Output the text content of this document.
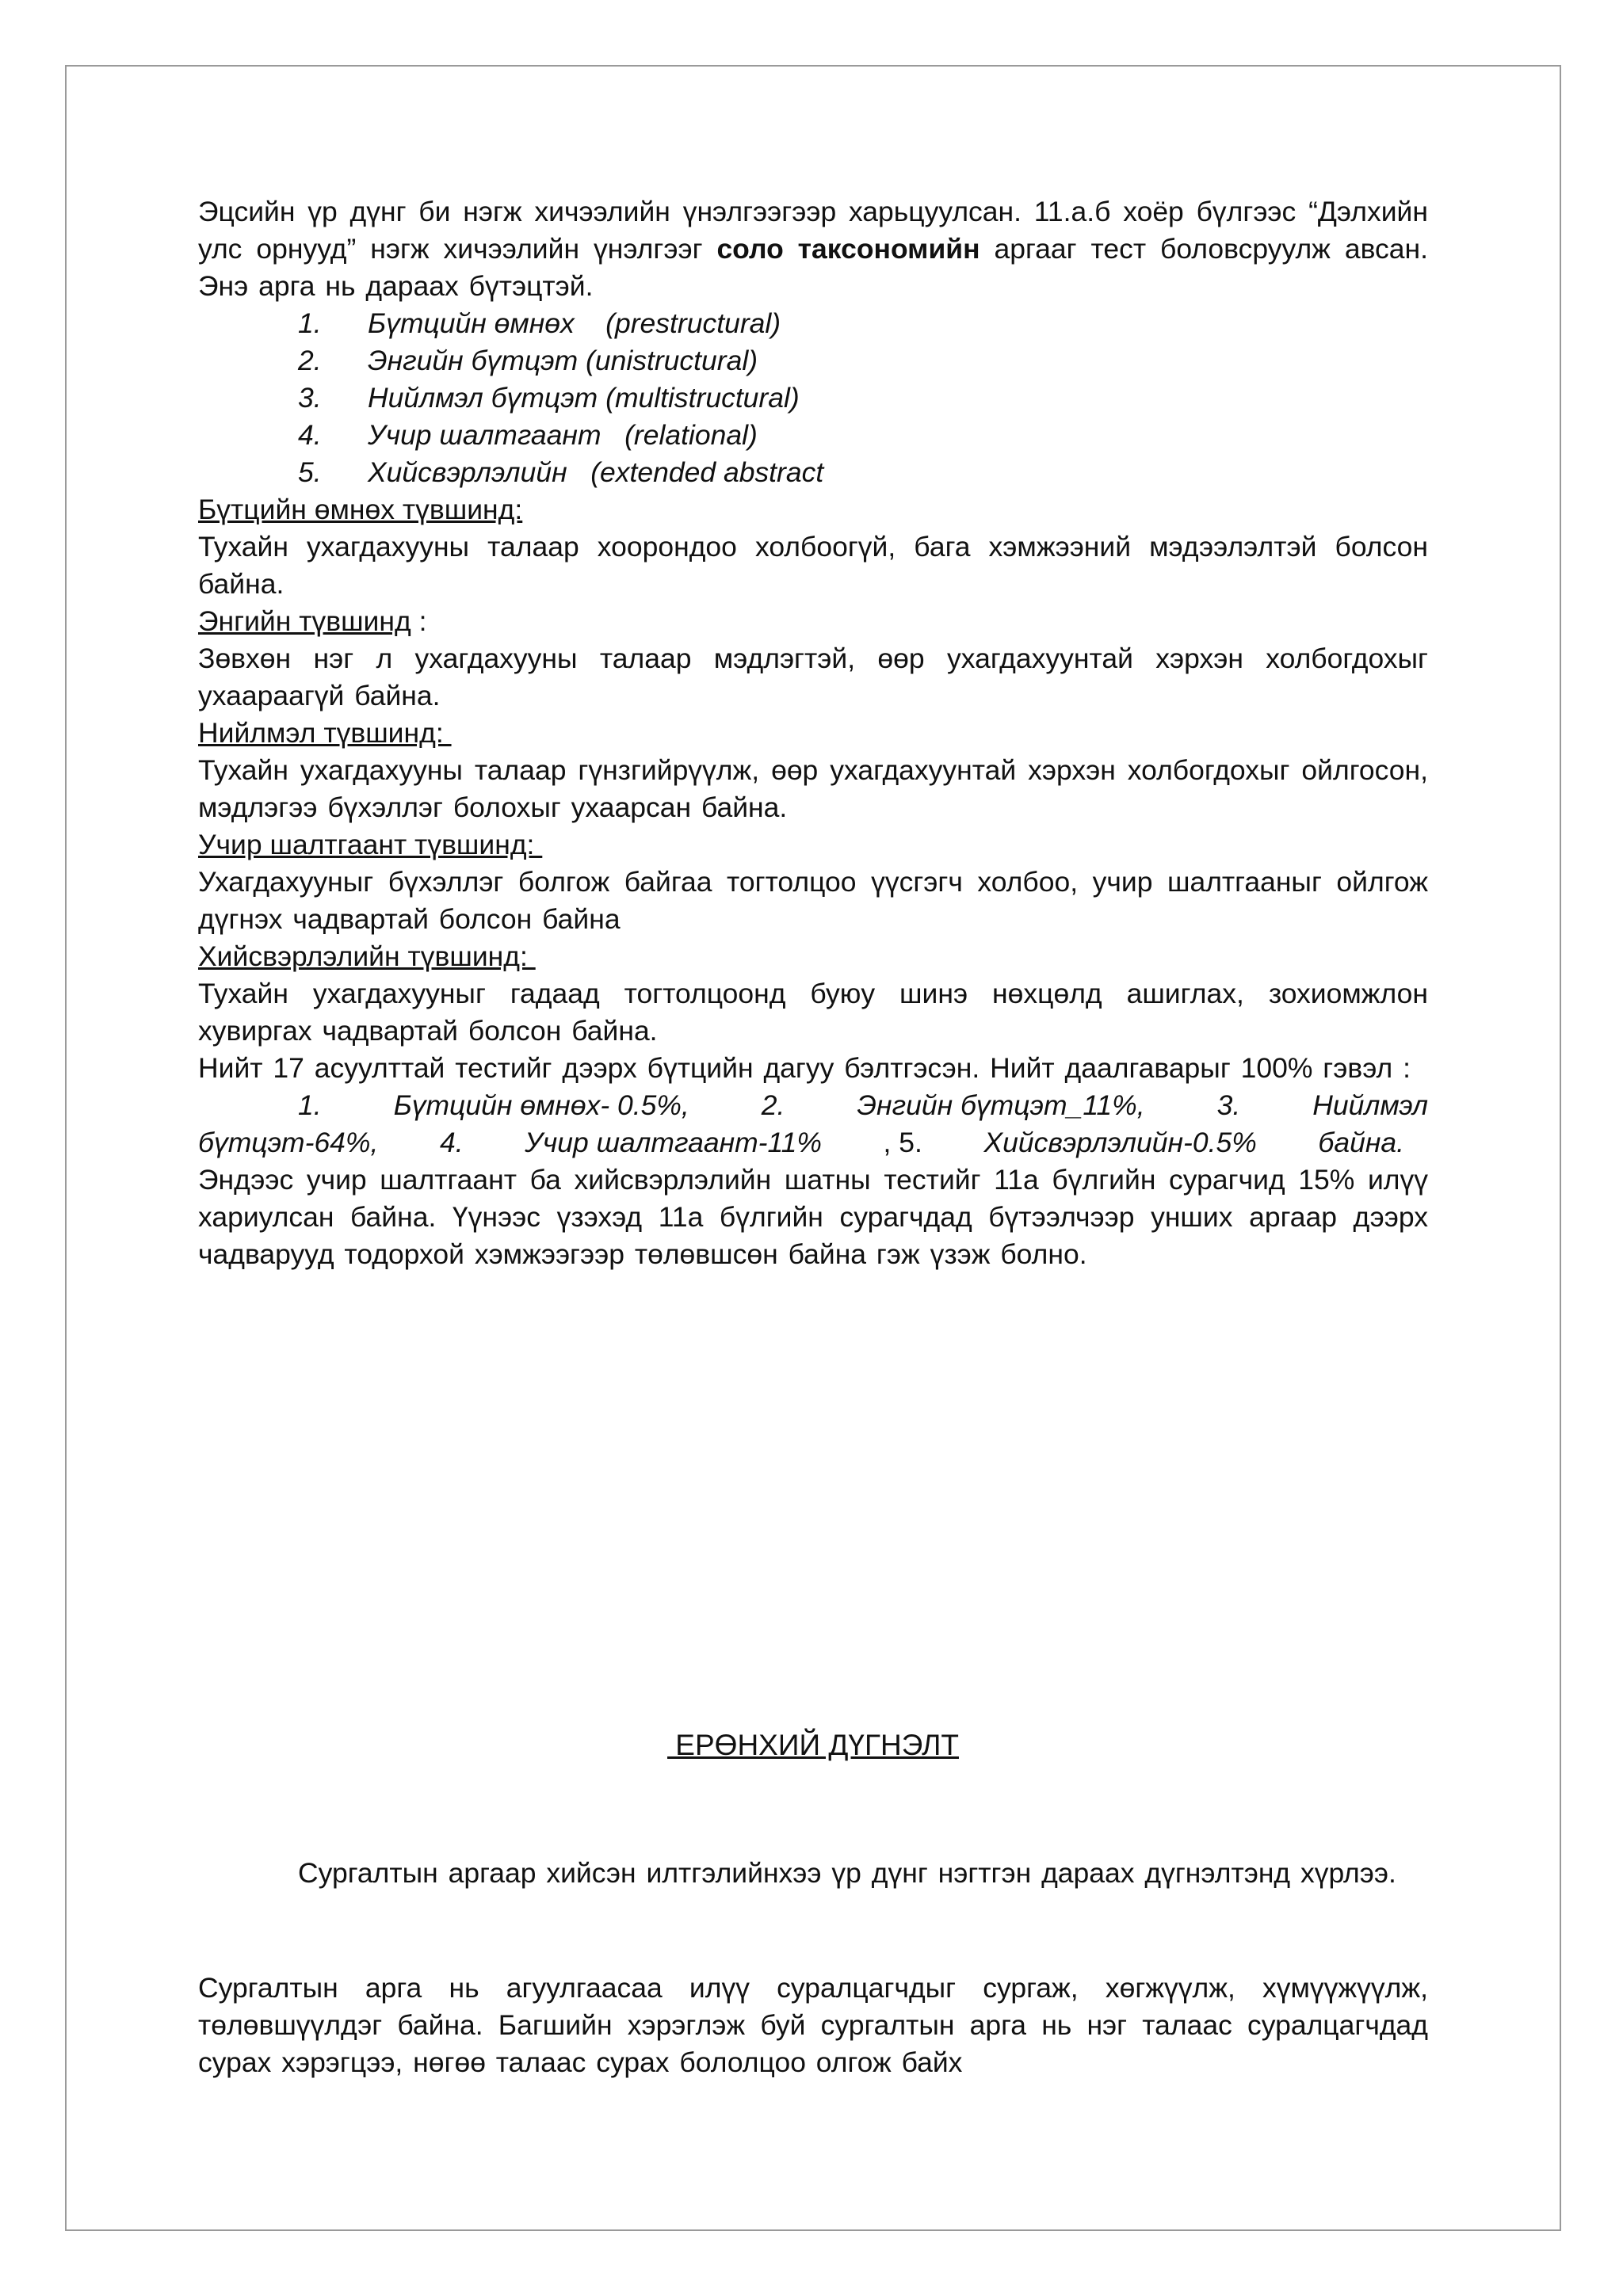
Эцсийн үр дүнг би нэгж хичээлийн үнэлгээгээр харьцуулсан. 11.а.б хоёр бүлгээс “Дэлхийн улс орнууд” нэгж хичээлийн үнэлгээг соло таксономийн аргааг тест боловсруулж авсан. Энэ арга нь дараах бүтэцтэй.

1.	Бүтцийн өмнөх    (prestructural)
2.	Энгийн бүтцэт (unistructural)
3.	Нийлмэл бүтцэт (multistructural)
4.	Учир шалтгаант   (relational)
5.	Хийсвэрлэлийн   (extended abstract

Бүтцийн өмнөх түвшинд:

Тухайн ухагдахууны талаар хоорондоо холбоогүй, бага хэмжээний мэдээлэлтэй болсон байна.

Энгийн түвшинд :

Зөвхөн нэг л ухагдахууны талаар мэдлэгтэй, өөр ухагдахуунтай хэрхэн холбогдохыг ухаараагүй байна.

Нийлмэл түвшинд:

Тухайн ухагдахууны талаар гүнзгийрүүлж, өөр ухагдахуунтай хэрхэн холбогдохыг ойлгосон, мэдлэгээ бүхэллэг болохыг ухаарсан байна.

Учир шалтгаант түвшинд:

Ухагдахууныг бүхэллэг болгож байгаа тогтолцоо үүсгэгч холбоо, учир шалтгааныг ойлгож дүгнэх чадвартай болсон байна

Хийсвэрлэлийн түвшинд:

Тухайн ухагдахууныг гадаад тогтолцоонд буюу шинэ нөхцөлд ашиглах, зохиомжлон хувиргах чадвартай болсон байна.

Нийт 17 асуулттай тестийг дээрх бүтцийн дагуу бэлтгэсэн. Нийт даалгаварыг 100% гэвэл :

1.	Бүтцийн өмнөх- 0.5%,	2.	Энгийн бүтцэт_11%,	3.	Нийлмэл

бүтцэт-64%, 4. Учир шалтгаант-11% , 5. Хийсвэрлэлийн-0.5% байна.

Эндээс учир шалтгаант ба хийсвэрлэлийн шатны тестийг 11а бүлгийн сурагчид 15% илүү хариулсан байна. Үүнээс үзэхэд 11а бүлгийн сурагчдад бүтээлчээр унших аргаар дээрх чадварууд тодорхой хэмжээгээр төлөвшсөн байна гэж үзэж болно.

ЕРӨНХИЙ ДҮГНЭЛТ

Сургалтын аргаар хийсэн илтгэлийнхээ үр дүнг нэгтгэн дараах дүгнэлтэнд хүрлээ.

Сургалтын арга нь агуулгаасаа илүү суралцагчдыг сургаж, хөгжүүлж, хүмүүжүүлж, төлөвшүүлдэг байна. Багшийн хэрэглэж буй сургалтын арга нь нэг талаас суралцагчдад сурах хэрэгцээ, нөгөө талаас сурах бололцоо олгож байх
